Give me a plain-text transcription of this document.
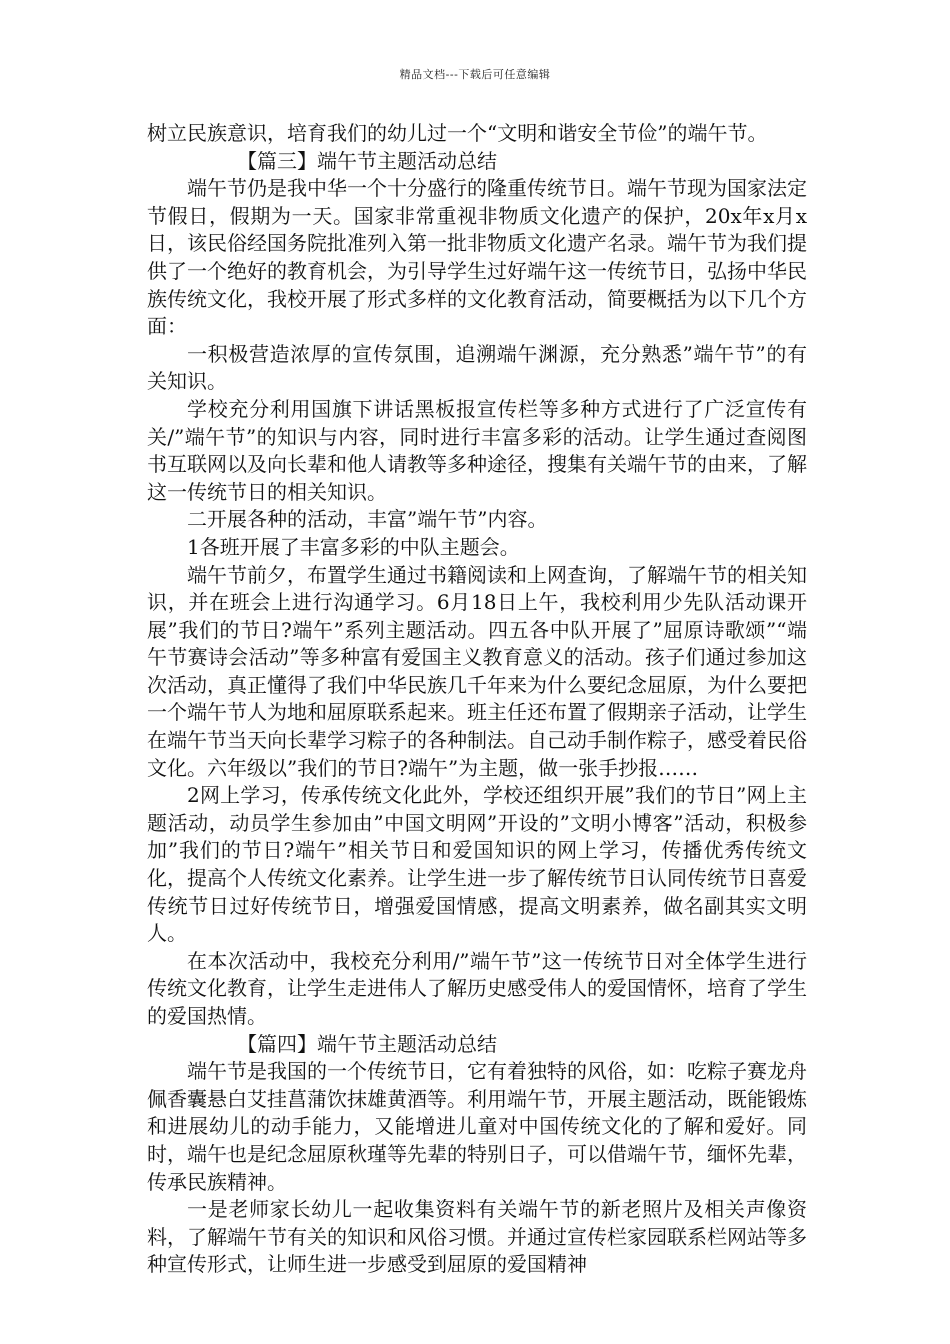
精品文档---下载后可任意编辑

树立民族意识，培育我们的幼儿过一个“文明和谐安全节俭”的端午节。

【篇三】端午节主题活动总结

端午节仍是我中华一个十分盛行的隆重传统节日。端午节现为国家法定节假日，假期为一天。国家非常重视非物质文化遗产的保护，20x年x月x日，该民俗经国务院批准列入第一批非物质文化遗产名录。端午节为我们提供了一个绝好的教育机会，为引导学生过好端午这一传统节日，弘扬中华民族传统文化，我校开展了形式多样的文化教育活动，简要概括为以下几个方面：

一积极营造浓厚的宣传氛围，追溯端午渊源，充分熟悉”端午节”的有关知识。

学校充分利用国旗下讲话黑板报宣传栏等多种方式进行了广泛宣传有关/”端午节”的知识与内容，同时进行丰富多彩的活动。让学生通过查阅图书互联网以及向长辈和他人请教等多种途径，搜集有关端午节的由来，了解这一传统节日的相关知识。

二开展各种的活动，丰富”端午节”内容。

1各班开展了丰富多彩的中队主题会。

端午节前夕，布置学生通过书籍阅读和上网查询，了解端午节的相关知识，并在班会上进行沟通学习。6月18日上午，我校利用少先队活动课开展”我们的节日?端午”系列主题活动。四五各中队开展了”屈原诗歌颂”“端午节赛诗会活动”等多种富有爱国主义教育意义的活动。孩子们通过参加这次活动，真正懂得了我们中华民族几千年来为什么要纪念屈原，为什么要把一个端午节人为地和屈原联系起来。班主任还布置了假期亲子活动，让学生在端午节当天向长辈学习粽子的各种制法。自己动手制作粽子，感受着民俗文化。六年级以”我们的节日?端午”为主题，做一张手抄报……

2网上学习，传承传统文化此外，学校还组织开展”我们的节日”网上主题活动，动员学生参加由”中国文明网”开设的”文明小博客”活动，积极参加”我们的节日?端午”相关节日和爱国知识的网上学习，传播优秀传统文化，提高个人传统文化素养。让学生进一步了解传统节日认同传统节日喜爱传统节日过好传统节日，增强爱国情感，提高文明素养，做名副其实文明人。

在本次活动中，我校充分利用/”端午节”这一传统节日对全体学生进行传统文化教育，让学生走进伟人了解历史感受伟人的爱国情怀，培育了学生的爱国热情。

【篇四】端午节主题活动总结

端午节是我国的一个传统节日，它有着独特的风俗，如：吃粽子赛龙舟佩香囊悬白艾挂菖蒲饮抹雄黄酒等。利用端午节，开展主题活动，既能锻炼和进展幼儿的动手能力，又能增进儿童对中国传统文化的了解和爱好。同时，端午也是纪念屈原秋瑾等先辈的特别日子，可以借端午节，缅怀先辈，传承民族精神。

一是老师家长幼儿一起收集资料有关端午节的新老照片及相关声像资料，了解端午节有关的知识和风俗习惯。并通过宣传栏家园联系栏网站等多种宣传形式，让师生进一步感受到屈原的爱国精神
